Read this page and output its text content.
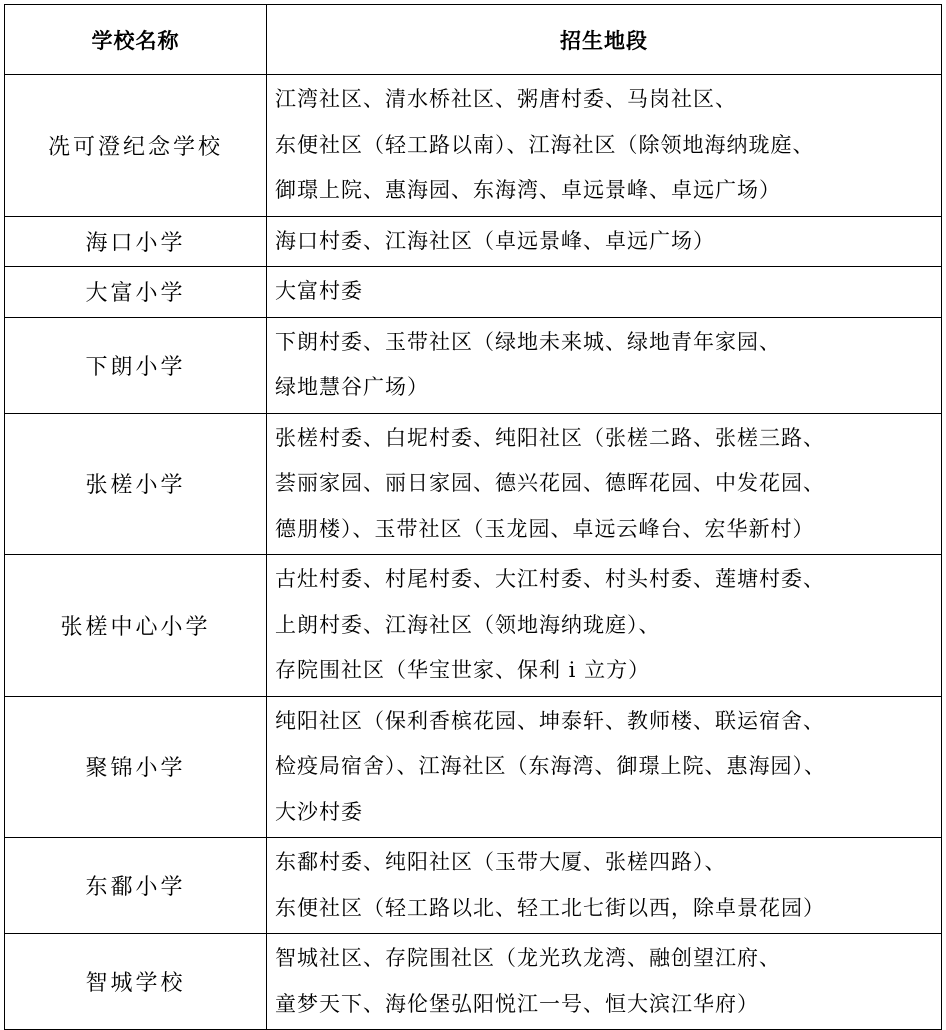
学校名称	招生地段
冼可澄纪念学校	江湾社区、清水桥社区、粥唐村委、马岗社区、
东便社区（轻工路以南）、江海社区（除领地海纳珑庭、
御璟上院、惠海园、东海湾、卓远景峰、卓远广场）

海口小学	海口村委、江海社区（卓远景峰、卓远广场）

大富小学	大富村委

下朗小学	下朗村委、玉带社区（绿地未来城、绿地青年家园、
绿地慧谷广场）

张槎小学	张槎村委、白坭村委、纯阳社区（张槎二路、张槎三路、
荟丽家园、丽日家园、德兴花园、德晖花园、中发花园、
德朋楼）、玉带社区（玉龙园、卓远云峰台、宏华新村）

张槎中心小学	古灶村委、村尾村委、大江村委、村头村委、莲塘村委、
上朗村委、江海社区（领地海纳珑庭）、
存院围社区（华宝世家、保利 i 立方）

聚锦小学	纯阳社区（保利香槟花园、坤泰轩、教师楼、联运宿舍、
检疫局宿舍）、江海社区（东海湾、御璟上院、惠海园）、
大沙村委

东鄱小学	东鄱村委、纯阳社区（玉带大厦、张槎四路）、
东便社区（轻工路以北、轻工北七街以西，除卓景花园）

智城学校	智城社区、存院围社区（龙光玖龙湾、融创望江府、
童梦天下、海伦堡弘阳悦江一号、恒大滨江华府）
